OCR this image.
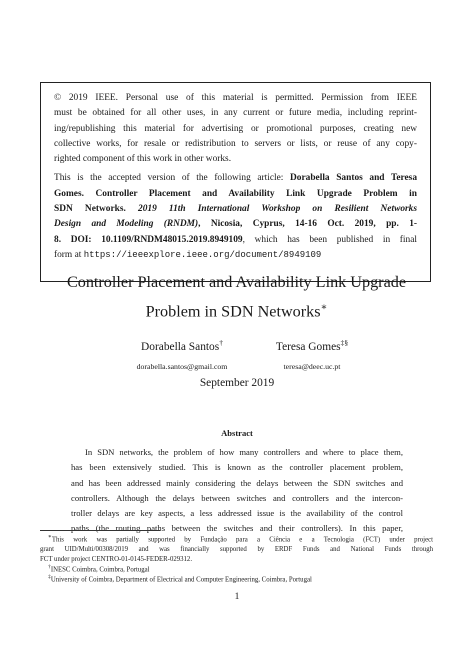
© 2019 IEEE. Personal use of this material is permitted. Permission from IEEE
must be obtained for all other uses, in any current or future media, including reprint-
ing/republishing this material for advertising or promotional purposes, creating new
collective works, for resale or redistribution to servers or lists, or reuse of any copy-
righted component of this work in other works.
This is the accepted version of the following article: Dorabella Santos and Teresa
Gomes. Controller Placement and Availability Link Upgrade Problem in
SDN Networks. 2019 11th International Workshop on Resilient Networks
Design and Modeling (RNDM), Nicosia, Cyprus, 14-16 Oct. 2019, pp. 1-
8. DOI: 10.1109/RNDM48015.2019.8949109, which has been published in final
form at https://ieeexplore.ieee.org/document/8949109
Controller Placement and Availability Link Upgrade
Problem in SDN Networks∗
Dorabella Santos†
dorabella.santos@gmail.com
Teresa Gomes‡§
teresa@deec.uc.pt
September 2019
Abstract
In SDN networks, the problem of how many controllers and where to place them,
has been extensively studied. This is known as the controller placement problem,
and has been addressed mainly considering the delays between the SDN switches and
controllers. Although the delays between switches and controllers and the intercon-
troller delays are key aspects, a less addressed issue is the availability of the control
paths (the routing paths between the switches and their controllers). In this paper,
∗This work was partially supported by Fundação para a Ciência e a Tecnologia (FCT) under project
grant UID/Multi/00308/2019 and was financially supported by ERDF Funds and National Funds through
FCT under project CENTRO-01-0145-FEDER-029312.
†INESC Coimbra, Coimbra, Portugal
‡University of Coimbra, Department of Electrical and Computer Engineering, Coimbra, Portugal
1
